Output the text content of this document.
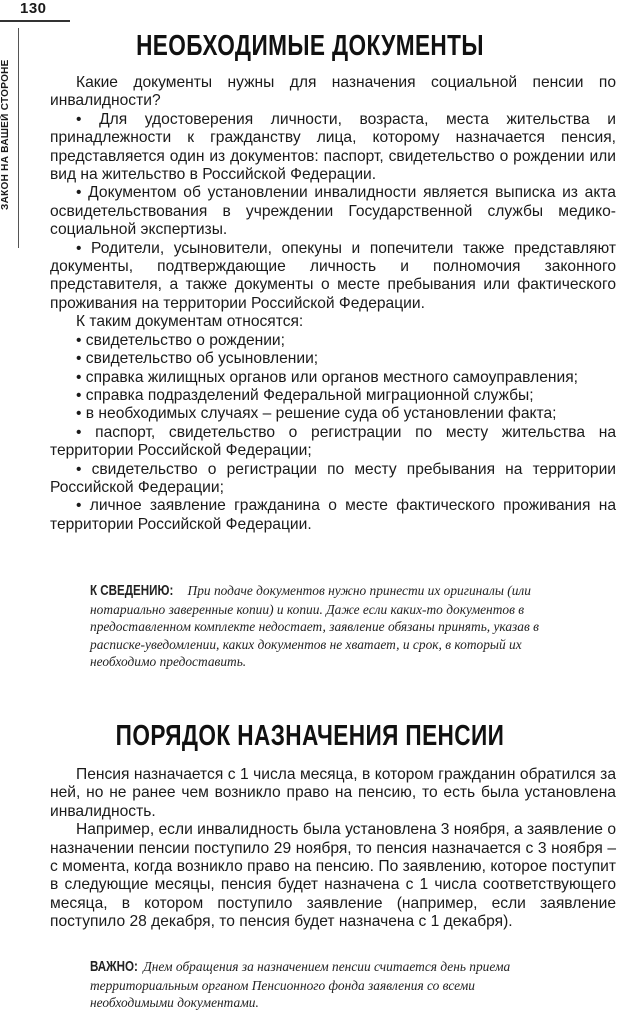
130
ЗАКОН НА ВАШЕЙ СТОРОНЕ
НЕОБХОДИМЫЕ ДОКУМЕНТЫ

Какие документы нужны для назначения социальной пенсии по инвалидности?

• Для удостоверения личности, возраста, места жительства и принадлежности к гражданству лица, которому назначается пенсия, представляется один из документов: паспорт, свидетельство о рождении или вид на жительство в Российской Федерации.

• Документом об установлении инвалидности является выписка из акта освидетельствования в учреждении Государственной службы медико-социальной экспертизы.

• Родители, усыновители, опекуны и попечители также представляют документы, подтверждающие личность и полномочия законного представителя, а также документы о месте пребывания или фактического проживания на территории Российской Федерации.

К таким документам относятся:

• свидетельство о рождении;

• свидетельство об усыновлении;

• справка жилищных органов или органов местного самоуправления;

• справка подразделений Федеральной миграционной службы;

• в необходимых случаях – решение суда об установлении факта;

• паспорт, свидетельство о регистрации по месту жительства на территории Российской Федерации;

• свидетельство о регистрации по месту пребывания на территории Российской Федерации;

• личное заявление гражданина о месте фактического проживания на территории Российской Федерации.

К СВЕДЕНИЮ: При подаче документов нужно принести их оригиналы (или нотариально заверенные копии) и копии. Даже если каких-то документов в предоставленном комплекте недостает, заявление обязаны принять, указав в расписке-уведомлении, каких документов не хватает, и срок, в который их необходимо предоставить.
ПОРЯДОК НАЗНАЧЕНИЯ ПЕНСИИ

Пенсия назначается с 1 числа месяца, в котором гражданин обратился за ней, но не ранее чем возникло право на пенсию, то есть была установлена инвалидность.

Например, если инвалидность была установлена 3 ноября, а заявление о назначении пенсии поступило 29 ноября, то пенсия назначается с 3 ноября – с момента, когда возникло право на пенсию. По заявлению, которое поступит в следующие месяцы, пенсия будет назначена с 1 числа соответствующего месяца, в котором поступило заявление (например, если заявление поступило 28 декабря, то пенсия будет назначена с 1 декабря).

ВАЖНО: Днем обращения за назначением пенсии считается день приема территориальным органом Пенсионного фонда заявления со всеми необходимыми документами.
